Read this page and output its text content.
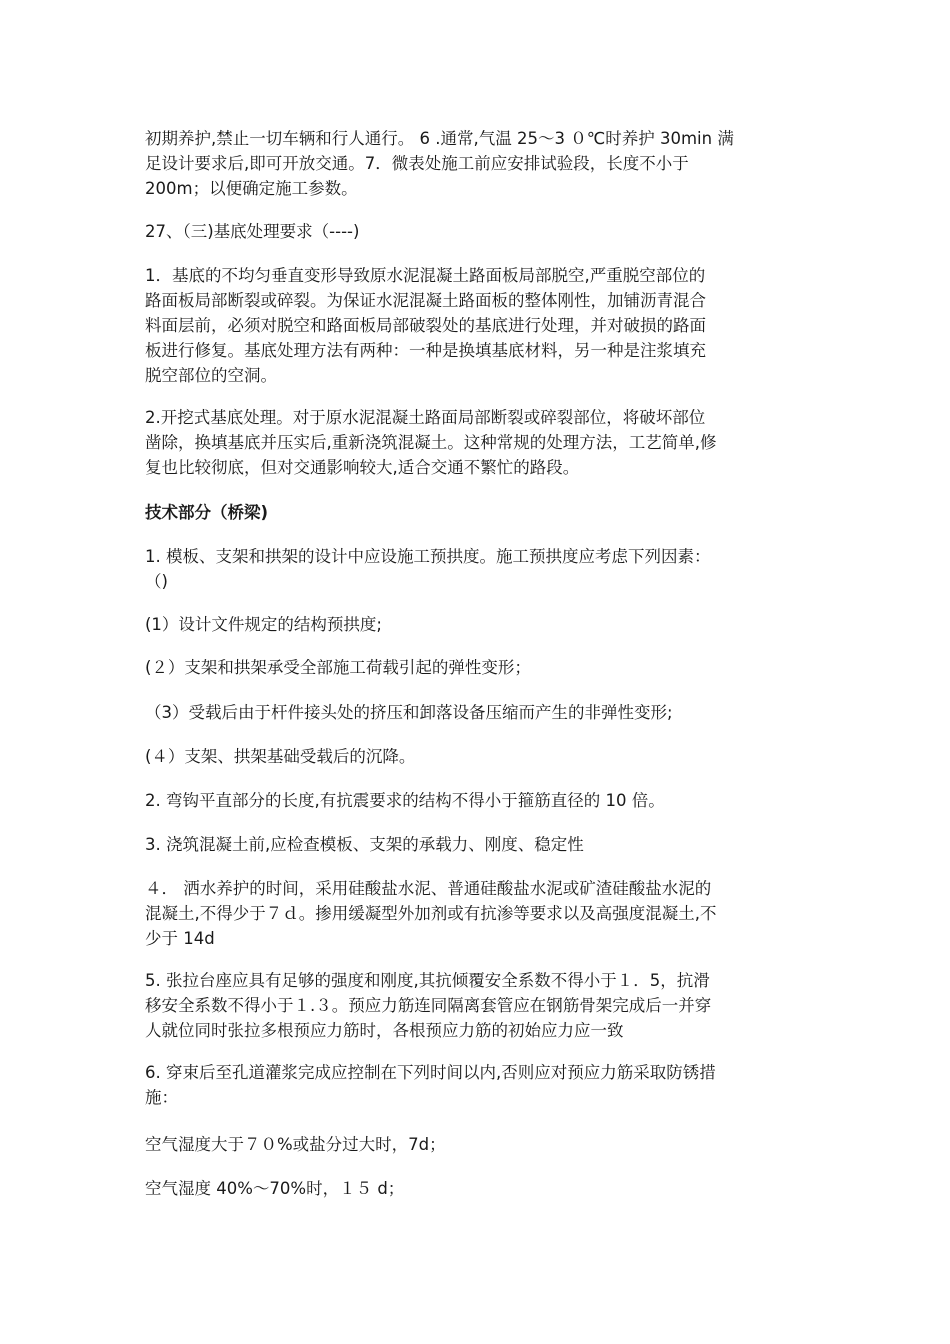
初期养护,禁止一切车辆和行人通行。 6 .通常,气温 25～3 ０℃时养护 30min 满
足设计要求后,即可开放交通。7．微表处施工前应安排试验段，长度不小于
200m；以便确定施工参数。
27、（三)基底处理要求（----)
1．基底的不均匀垂直变形导致原水泥混凝土路面板局部脱空,严重脱空部位的
路面板局部断裂或碎裂。为保证水泥混凝土路面板的整体刚性，加铺沥青混合
料面层前，必须对脱空和路面板局部破裂处的基底进行处理，并对破损的路面
板进行修复。基底处理方法有两种：一种是换填基底材料，另一种是注浆填充
脱空部位的空洞。
2.开挖式基底处理。对于原水泥混凝土路面局部断裂或碎裂部位，将破坏部位
凿除，换填基底并压实后,重新浇筑混凝土。这种常规的处理方法，工艺简单,修
复也比较彻底，但对交通影响较大,适合交通不繁忙的路段。
技术部分（桥梁)
1. 模板、支架和拱架的设计中应设施工预拱度。施工预拱度应考虑下列因素：
（)
(1）设计文件规定的结构预拱度;
(２）支架和拱架承受全部施工荷载引起的弹性变形；
（3）受载后由于杆件接头处的挤压和卸落设备压缩而产生的非弹性变形;
(４）支架、拱架基础受载后的沉降。
2. 弯钩平直部分的长度,有抗震要求的结构不得小于箍筋直径的 10 倍。
3. 浇筑混凝土前,应检查模板、支架的承载力、刚度、稳定性
４． 洒水养护的时间，采用硅酸盐水泥、普通硅酸盐水泥或矿渣硅酸盐水泥的
混凝土,不得少于７ｄ。掺用缓凝型外加剂或有抗渗等要求以及高强度混凝土,不
少于 14d
5. 张拉台座应具有足够的强度和刚度,其抗倾覆安全系数不得小于１．5，抗滑
移安全系数不得小于１.３。预应力筋连同隔离套管应在钢筋骨架完成后一并穿
人就位同时张拉多根预应力筋时，各根预应力筋的初始应力应一致
6. 穿束后至孔道灌浆完成应控制在下列时间以内,否则应对预应力筋采取防锈措
施：
空气湿度大于７０%或盐分过大时，7d；
空气湿度 40%～70%时，１５ d；
